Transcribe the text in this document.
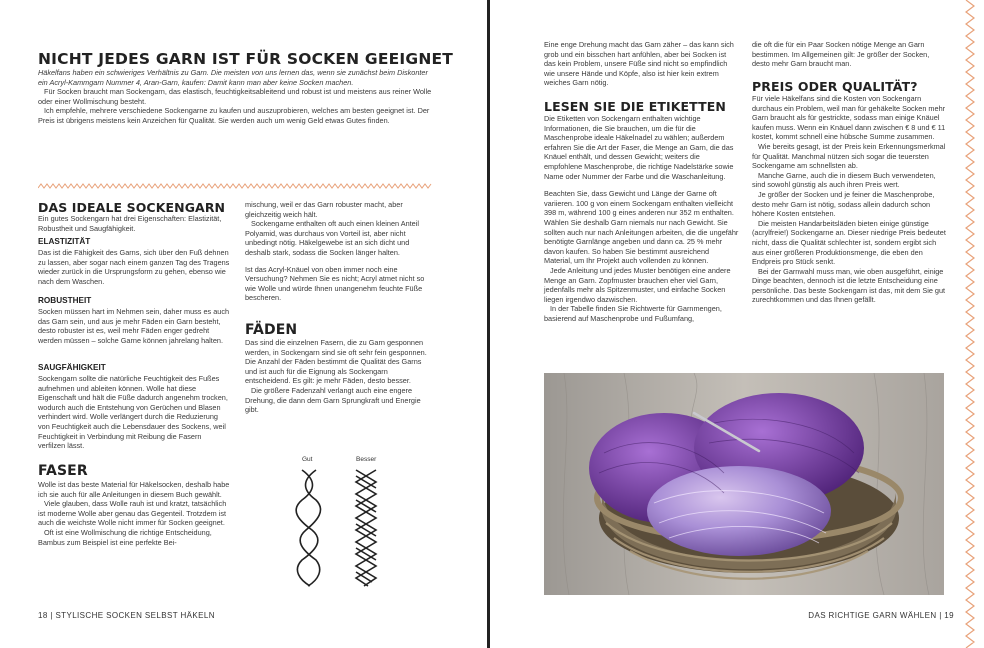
NICHT JEDES GARN IST FÜR SOCKEN GEEIGNET

Häkelfans haben ein schwieriges Verhältnis zu Garn. Die meisten von uns lernen das, wenn sie zunächst beim Diskonter ein Acryl-Kammgarn Nummer 4, Aran-Garn, kaufen: Damit kann man aber keine Socken machen.

Für Socken braucht man Sockengarn, das elastisch, feuchtigkeitsableitend und robust ist und meistens aus reiner Wolle oder einer Wollmischung besteht.

Ich empfehle, mehrere verschiedene Sockengarne zu kaufen und auszuprobieren, welches am besten geeignet ist. Der Preis ist übrigens meistens kein Anzeichen für Qualität. Sie werden auch um wenig Geld etwas Gutes finden.

DAS IDEALE SOCKENGARN
Ein gutes Sockengarn hat drei Eigenschaften: Elastizität, Robustheit und Saugfähigkeit.
ELASTIZITÄT
Das ist die Fähigkeit des Garns, sich über den Fuß dehnen zu lassen, aber sogar nach einem ganzen Tag des Tragens wieder zurück in die Ursprungsform zu gehen, ebenso wie nach dem Waschen.
ROBUSTHEIT
Socken müssen hart im Nehmen sein, daher muss es auch das Garn sein, und aus je mehr Fäden ein Garn besteht, desto robuster ist es, weil mehr Fäden enger gedreht werden müssen – solche Garne können jahrelang halten.
SAUGFÄHIGKEIT
Sockengarn sollte die natürliche Feuchtigkeit des Fußes aufnehmen und ableiten können. Wolle hat diese Eigenschaft und hält die Füße dadurch angenehm trocken, wodurch auch die Entstehung von Gerüchen und Blasen verhindert wird. Wolle verlängert durch die Reduzierung von Feuchtigkeit auch die Lebensdauer des Sockens, weil Feuchtigkeit in Verbindung mit Reibung die Fasern verfilzen lässt.
FASER

Wolle ist das beste Material für Häkelsocken, deshalb habe ich sie auch für alle Anleitungen in diesem Buch gewählt.

Viele glauben, dass Wolle rauh ist und kratzt, tatsächlich ist moderne Wolle aber genau das Gegenteil. Trotzdem ist auch die weichste Wolle nicht immer für Socken geeignet.

Oft ist eine Wollmischung die richtige Entscheidung, Bambus zum Beispiel ist eine perfekte Bei-

mischung, weil er das Garn robuster macht, aber gleichzeitig weich hält.

Sockengarne enthalten oft auch einen kleinen Anteil Polyamid, was durchaus von Vorteil ist, aber nicht unbedingt nötig. Häkelgewebe ist an sich dicht und deshalb stark, sodass die Socken länger halten.

Ist das Acryl-Knäuel von oben immer noch eine Versuchung? Nehmen Sie es nicht; Acryl atmet nicht so wie Wolle und würde Ihnen unangenehm feuchte Füße bescheren.

FÄDEN

Das sind die einzelnen Fasern, die zu Garn gesponnen werden, in Sockengarn sind sie oft sehr fein gesponnen. Die Anzahl der Fäden bestimmt die Qualität des Garns und ist auch für die Eignung als Sockengarn entscheidend. Es gilt: je mehr Fäden, desto besser.

Die größere Fadenzahl verlangt auch eine engere Drehung, die dann dem Garn Sprungkraft und Energie gibt.

Gut	Besser
18 | STYLISCHE SOCKEN SELBST HÄKELN
Eine enge Drehung macht das Garn zäher – das kann sich grob und ein bisschen hart anfühlen, aber bei Socken ist das kein Problem, unsere Füße sind nicht so empfindlich wie unsere Hände und Köpfe, also ist hier kein extrem weiches Garn nötig.
LESEN SIE DIE ETIKETTEN

Die Etiketten von Sockengarn enthalten wichtige Informationen, die Sie brauchen, um die für die Maschenprobe ideale Häkelnadel zu wählen; außerdem erfahren Sie die Art der Faser, die Menge an Garn, die das Knäuel enthält, und dessen Gewicht; weiters die empfohlene Maschenprobe, die richtige Nadelstärke sowie Name oder Nummer der Farbe und die Waschanleitung.

Beachten Sie, dass Gewicht und Länge der Garne oft variieren. 100 g von einem Sockengarn enthalten vielleicht 398 m, während 100 g eines anderen nur 352 m enthalten. Wählen Sie deshalb Garn niemals nur nach Gewicht. Sie sollten auch nur nach Anleitungen arbeiten, die die ungefähr benötigte Garnlänge angeben und dann ca. 25 % mehr davon kaufen. So haben Sie bestimmt ausreichend Material, um Ihr Projekt auch vollenden zu können.

Jede Anleitung und jedes Muster benötigen eine andere Menge an Garn. Zopfmuster brauchen eher viel Garn, jedenfalls mehr als Spitzenmuster, und einfache Socken liegen irgendwo dazwischen.

In der Tabelle finden Sie Richtwerte für Garnmengen, basierend auf Maschenprobe und Fußumfang,

die oft die für ein Paar Socken nötige Menge an Garn bestimmen. Im Allgemeinen gilt: Je größer der Socken, desto mehr Garn braucht man.
PREIS ODER QUALITÄT?

Für viele Häkelfans sind die Kosten von Sockengarn durchaus ein Problem, weil man für gehäkelte Socken mehr Garn braucht als für gestrickte, sodass man einige Knäuel kaufen muss. Wenn ein Knäuel dann zwischen € 8 und € 11 kostet, kommt schnell eine hübsche Summe zusammen.

Wie bereits gesagt, ist der Preis kein Erkennungsmerkmal für Qualität. Manchmal nützen sich sogar die teuersten Sockengarne am schnellsten ab.

Manche Garne, auch die in diesem Buch verwendeten, sind sowohl günstig als auch ihren Preis wert.

Je größer der Socken und je feiner die Maschenprobe, desto mehr Garn ist nötig, sodass allein dadurch schon höhere Kosten entstehen.

Die meisten Handarbeitsläden bieten einige günstige (acrylfreie!) Sockengarne an. Dieser niedrige Preis bedeutet nicht, dass die Qualität schlechter ist, sondern ergibt sich aus einer größeren Produktionsmenge, die eben den Endpreis pro Stück senkt.

Bei der Garnwahl muss man, wie oben ausgeführt, einige Dinge beachten, dennoch ist die letzte Entscheidung eine persönliche. Das beste Sockengarn ist das, mit dem Sie gut zurechtkommen und das Ihnen gefällt.

DAS RICHTIGE GARN WÄHLEN | 19
